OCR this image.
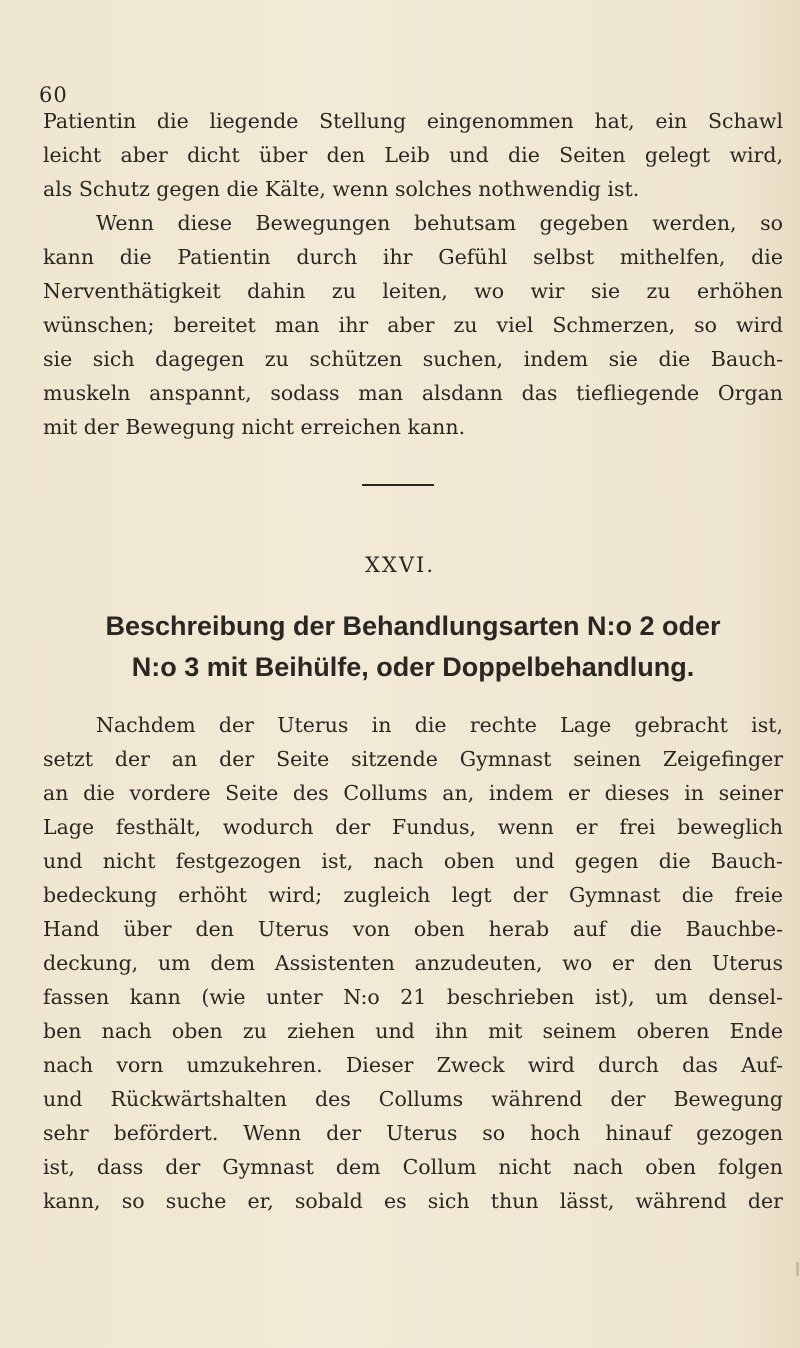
60
Patientin die liegende Stellung eingenommen hat, ein Schawl
leicht aber dicht über den Leib und die Seiten gelegt wird,
als Schutz gegen die Kälte, wenn solches nothwendig ist.
Wenn diese Bewegungen behutsam gegeben werden, so
kann die Patientin durch ihr Gefühl selbst mithelfen, die
Nerventhätigkeit dahin zu leiten, wo wir sie zu erhöhen
wünschen; bereitet man ihr aber zu viel Schmerzen, so wird
sie sich dagegen zu schützen suchen, indem sie die Bauch-
muskeln anspannt, sodass man alsdann das tiefliegende Organ
mit der Bewegung nicht erreichen kann.
XXVI.
Beschreibung der Behandlungsarten N:o 2 oder
N:o 3 mit Beihülfe, oder Doppelbehandlung.
Nachdem der Uterus in die rechte Lage gebracht ist,
setzt der an der Seite sitzende Gymnast seinen Zeigefinger
an die vordere Seite des Collums an, indem er dieses in seiner
Lage festhält, wodurch der Fundus, wenn er frei beweglich
und nicht festgezogen ist, nach oben und gegen die Bauch-
bedeckung erhöht wird; zugleich legt der Gymnast die freie
Hand über den Uterus von oben herab auf die Bauchbe-
deckung, um dem Assistenten anzudeuten, wo er den Uterus
fassen kann (wie unter N:o 21 beschrieben ist), um densel-
ben nach oben zu ziehen und ihn mit seinem oberen Ende
nach vorn umzukehren. Dieser Zweck wird durch das Auf-
und Rückwärtshalten des Collums während der Bewegung
sehr befördert. Wenn der Uterus so hoch hinauf gezogen
ist, dass der Gymnast dem Collum nicht nach oben folgen
kann, so suche er, sobald es sich thun lässt, während der
